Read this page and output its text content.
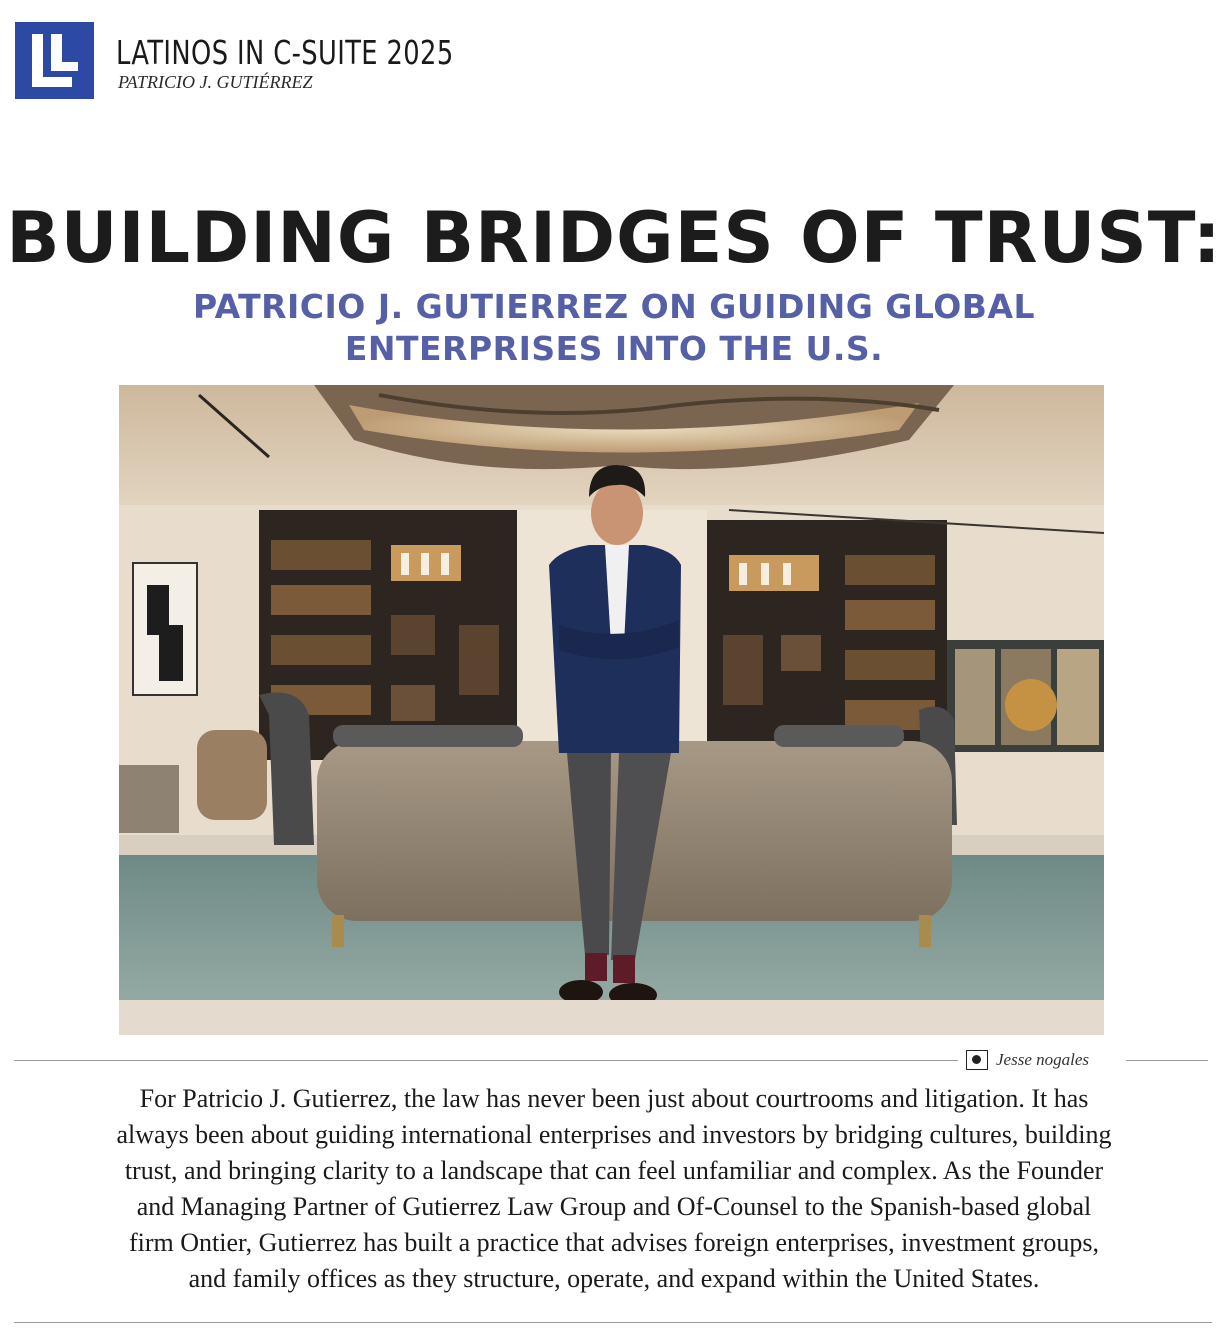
LATINOS IN C-SUITE 2025
PATRICIO J. GUTIÉRREZ
BUILDING BRIDGES OF TRUST:
PATRICIO J. GUTIERREZ ON GUIDING GLOBAL
ENTERPRISES INTO THE U.S.
Jesse nogales
For Patricio J. Gutierrez, the law has never been just about courtrooms and litigation. It has
always been about guiding international enterprises and investors by bridging cultures, building
trust, and bringing clarity to a landscape that can feel unfamiliar and complex. As the Founder
and Managing Partner of Gutierrez Law Group and Of-Counsel to the Spanish-based global
firm Ontier, Gutierrez has built a practice that advises foreign enterprises, investment groups,
and family offices as they structure, operate, and expand within the United States.
